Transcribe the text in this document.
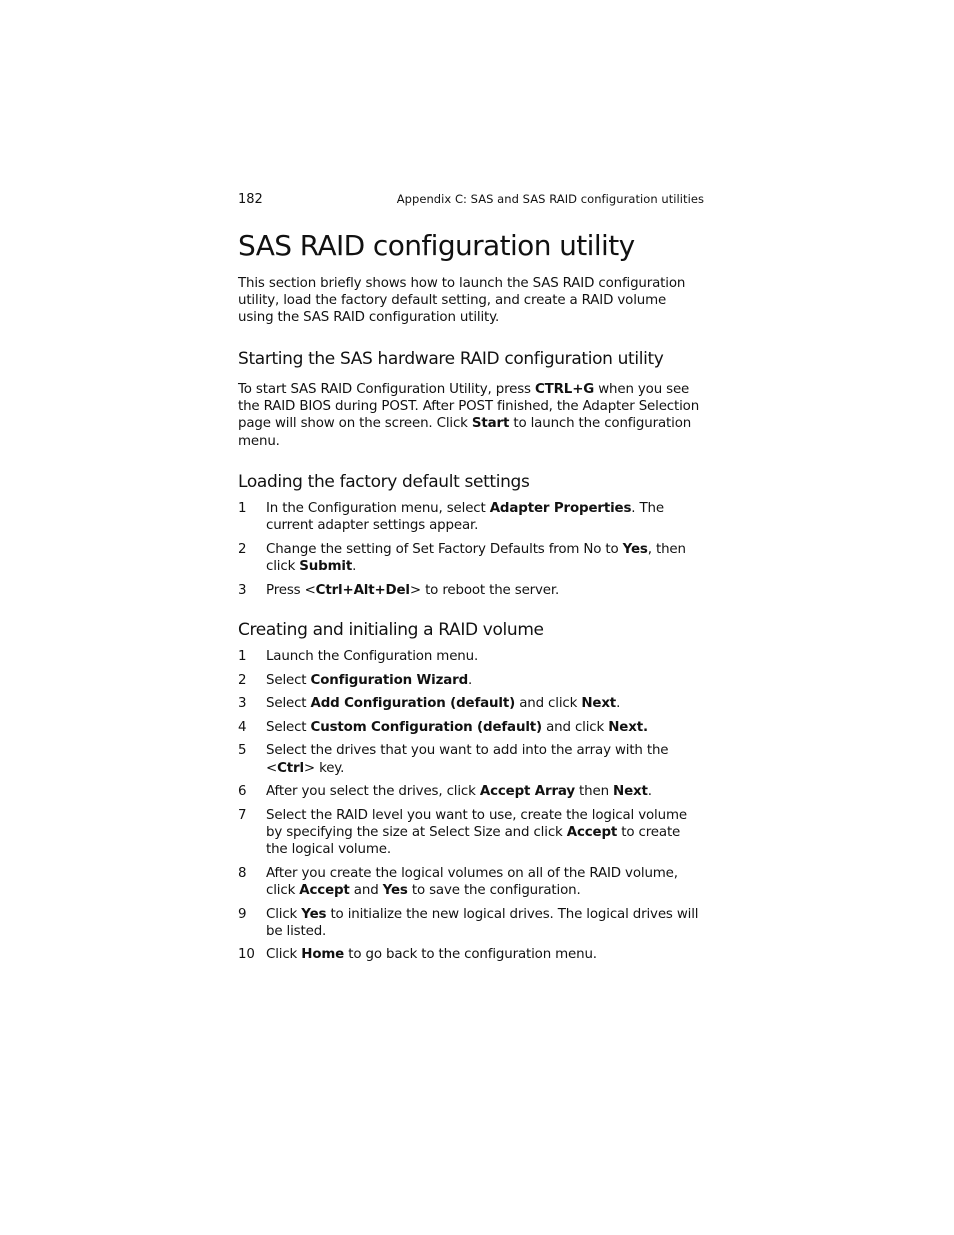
182	Appendix C: SAS and SAS RAID configuration utilities
SAS RAID configuration utility

This section briefly shows how to launch the SAS RAID configuration utility, load the factory default setting, and create a RAID volume using the SAS RAID configuration utility.

Starting the SAS hardware RAID configuration utility

To start SAS RAID Configuration Utility, press CTRL+G when you see the RAID BIOS during POST. After POST finished, the Adapter Selection page will show on the screen. Click Start to launch the configuration menu.

Loading the factory default settings
1 In the Configuration menu, select Adapter Properties. The current adapter settings appear.
2 Change the setting of Set Factory Defaults from No to Yes, then click Submit.
3 Press <Ctrl+Alt+Del> to reboot the server.
Creating and initialing a RAID volume
1 Launch the Configuration menu.
2 Select Configuration Wizard.
3 Select Add Configuration (default) and click Next.
4 Select Custom Configuration (default) and click Next.
5 Select the drives that you want to add into the array with the <Ctrl> key.
6 After you select the drives, click Accept Array then Next.
7 Select the RAID level you want to use, create the logical volume by specifying the size at Select Size and click Accept to create the logical volume.
8 After you create the logical volumes on all of the RAID volume, click Accept and Yes to save the configuration.
9 Click Yes to initialize the new logical drives. The logical drives will be listed.
10 Click Home to go back to the configuration menu.
